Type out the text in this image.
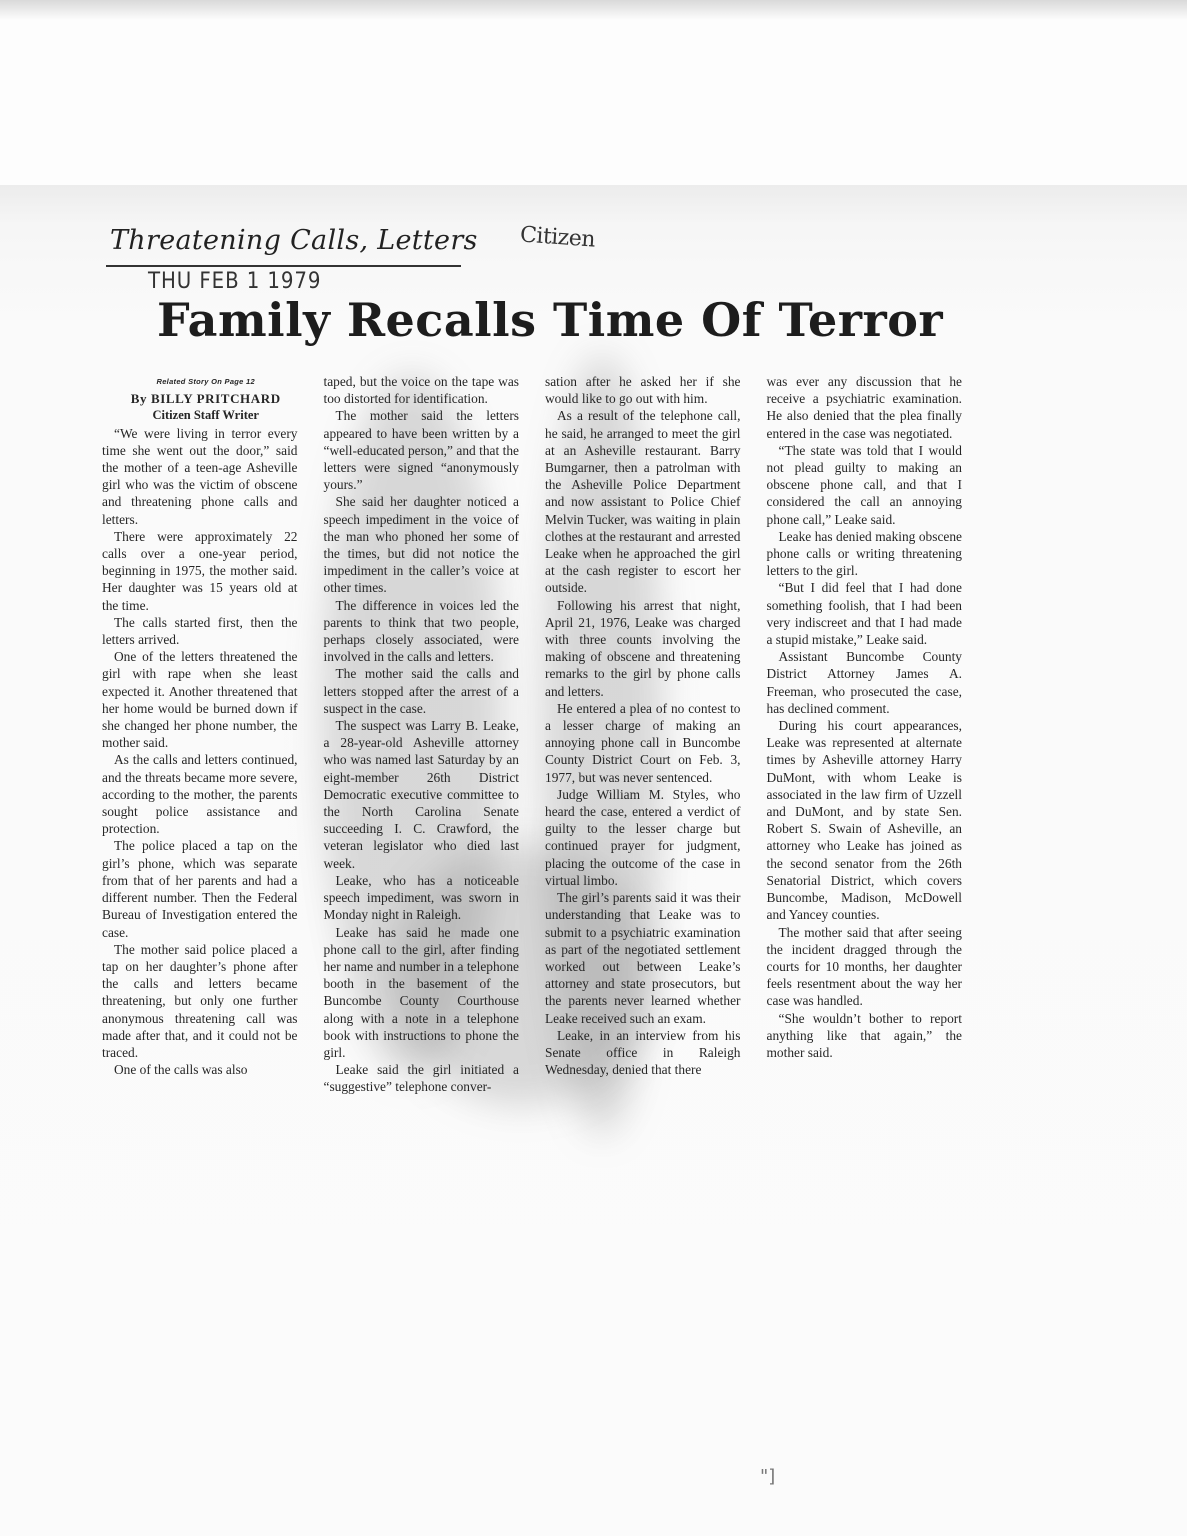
Threatening Calls, Letters Citizen
THU FEB 1 1979
Family Recalls Time Of Terror

Related Story On Page 12

By BILLY PRITCHARD

Citizen Staff Writer

“We were living in terror every time she went out the door,” said the mother of a teen-age Asheville girl who was the victim of obscene and threatening phone calls and letters.

There were approximately 22 calls over a one-year period, beginning in 1975, the mother said. Her daughter was 15 years old at the time.

The calls started first, then the letters arrived.

One of the letters threatened the girl with rape when she least expected it. Another threatened that her home would be burned down if she changed her phone number, the mother said.

As the calls and letters continued, and the threats became more severe, according to the mother, the parents sought police assistance and protection.

The police placed a tap on the girl’s phone, which was separate from that of her parents and had a different number. Then the Federal Bureau of Investigation entered the case.

The mother said police placed a tap on her daughter’s phone after the calls and letters became threatening, but only one further anonymous threatening call was made after that, and it could not be traced.

One of the calls was also

taped, but the voice on the tape was too distorted for identification.

The mother said the letters appeared to have been written by a “well-educated person,” and that the letters were signed “anonymously yours.”

She said her daughter noticed a speech impediment in the voice of the man who phoned her some of the times, but did not notice the impediment in the caller’s voice at other times.

The difference in voices led the parents to think that two people, perhaps closely associated, were involved in the calls and letters.

The mother said the calls and letters stopped after the arrest of a suspect in the case.

The suspect was Larry B. Leake, a 28-year-old Asheville attorney who was named last Saturday by an eight-member 26th District Democratic executive committee to the North Carolina Senate succeeding I. C. Crawford, the veteran legislator who died last week.

Leake, who has a noticeable speech impediment, was sworn in Monday night in Raleigh.

Leake has said he made one phone call to the girl, after finding her name and number in a telephone booth in the basement of the Buncombe County Courthouse along with a note in a telephone book with instructions to phone the girl.

Leake said the girl initiated a “suggestive” telephone conver-

sation after he asked her if she would like to go out with him.

As a result of the telephone call, he said, he arranged to meet the girl at an Asheville restaurant. Barry Bumgarner, then a patrolman with the Asheville Police Department and now assistant to Police Chief Melvin Tucker, was waiting in plain clothes at the restaurant and arrested Leake when he approached the girl at the cash register to escort her outside.

Following his arrest that night, April 21, 1976, Leake was charged with three counts involving the making of obscene and threatening remarks to the girl by phone calls and letters.

He entered a plea of no contest to a lesser charge of making an annoying phone call in Buncombe County District Court on Feb. 3, 1977, but was never sentenced.

Judge William M. Styles, who heard the case, entered a verdict of guilty to the lesser charge but continued prayer for judgment, placing the outcome of the case in virtual limbo.

The girl’s parents said it was their understanding that Leake was to submit to a psychiatric examination as part of the negotiated settlement worked out between Leake’s attorney and state prosecutors, but the parents never learned whether Leake received such an exam.

Leake, in an interview from his Senate office in Raleigh Wednesday, denied that there

was ever any discussion that he receive a psychiatric examination. He also denied that the plea finally entered in the case was negotiated.

“The state was told that I would not plead guilty to making an obscene phone call, and that I considered the call an annoying phone call,” Leake said.

Leake has denied making obscene phone calls or writing threatening letters to the girl.

“But I did feel that I had done something foolish, that I had been very indiscreet and that I had made a stupid mistake,” Leake said.

Assistant Buncombe County District Attorney James A. Freeman, who prosecuted the case, has declined comment.

During his court appearances, Leake was represented at alternate times by Asheville attorney Harry DuMont, with whom Leake is associated in the law firm of Uzzell and DuMont, and by state Sen. Robert S. Swain of Asheville, an attorney who Leake has joined as the second senator from the 26th Senatorial District, which covers Buncombe, Madison, McDowell and Yancey counties.

The mother said that after seeing the incident dragged through the courts for 10 months, her daughter feels resentment about the way her case was handled.

“She wouldn’t bother to report anything like that again,” the mother said.

"]
